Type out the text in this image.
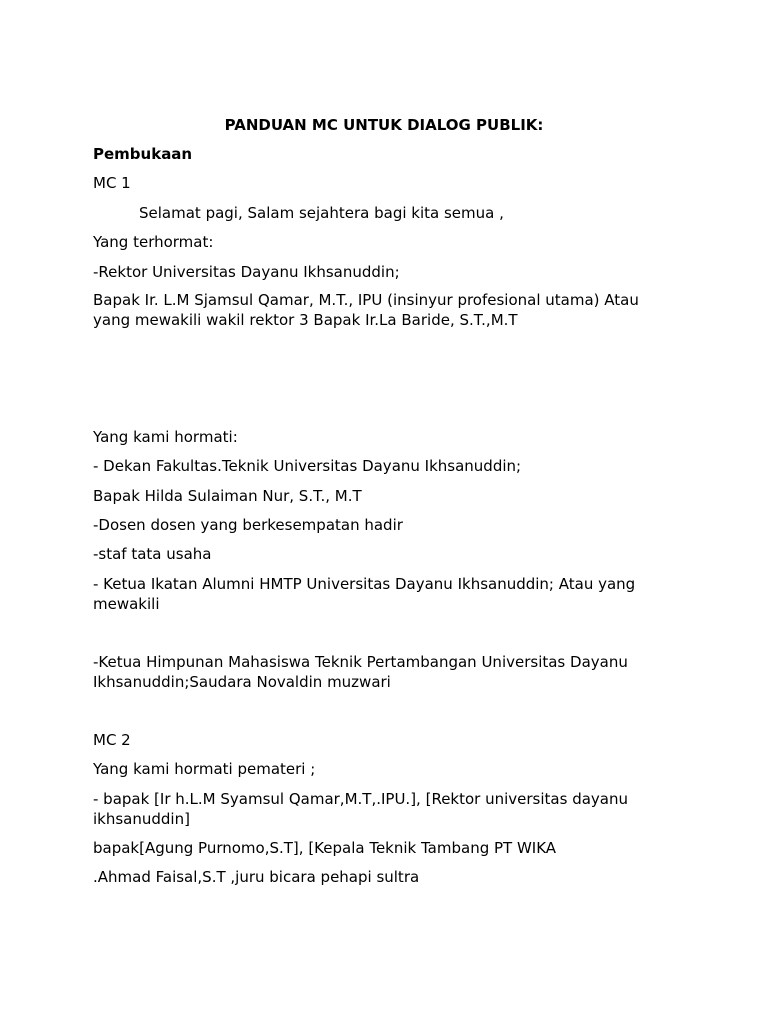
PANDUAN MC UNTUK DIALOG PUBLIK:
Pembukaan
MC 1
Selamat pagi, Salam sejahtera bagi kita semua ,
Yang terhormat:
-Rektor Universitas Dayanu Ikhsanuddin;
Bapak Ir. L.M Sjamsul Qamar, M.T., IPU (insinyur profesional utama) Atau
yang mewakili wakil rektor 3 Bapak Ir.La Baride, S.T.,M.T
Yang kami hormati:
- Dekan Fakultas.Teknik Universitas Dayanu Ikhsanuddin;
Bapak Hilda Sulaiman Nur, S.T., M.T
-Dosen dosen yang berkesempatan hadir
-staf tata usaha
- Ketua Ikatan Alumni HMTP Universitas Dayanu Ikhsanuddin; Atau yang
mewakili
-Ketua Himpunan Mahasiswa Teknik Pertambangan Universitas Dayanu
Ikhsanuddin;Saudara Novaldin muzwari
MC 2
Yang kami hormati pemateri ;
- bapak [Ir h.L.M Syamsul Qamar,M.T,.IPU.], [Rektor universitas dayanu
ikhsanuddin]
bapak[Agung Purnomo,S.T], [Kepala Teknik Tambang PT WIKA
.Ahmad Faisal,S.T ,juru bicara pehapi sultra
